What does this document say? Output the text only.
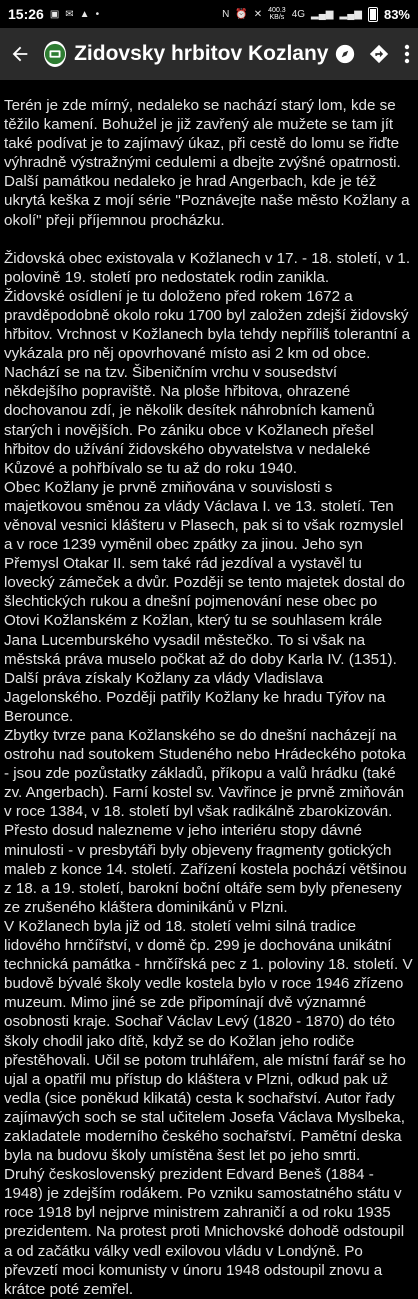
15:26 ▣ ✉ ▲ •	N ⏰ ✕ 400.3
KB/s 4G ▂▄▆ ▂▄▆ 83%
Zidovsky hrbitov Kozlany

Terén je zde mírný, nedaleko se nachází starý lom, kde se těžilo kamení. Bohužel je již zavřený ale mužete se tam jít také podívat je to zajímavý úkaz, při cestě do lomu se řiďte výhradně výstražnými cedulemi a dbejte zvýšné opatrnosti. Další památkou nedaleko je hrad Angerbach, kde je též ukrytá keška z mojí série "Poznávejte naše město Kožlany a okolí" přeji příjemnou procházku.

Židovská obec existovala v Kožlanech v 17. - 18. století, v 1. polovině 19. století pro nedostatek rodin zanikla.
Židovské osídlení je tu doloženo před rokem 1672 a pravděpodobně okolo roku 1700 byl založen zdejší židovský hřbitov. Vrchnost v Kožlanech byla tehdy nepříliš tolerantní a vykázala pro něj opovrhované místo asi 2 km od obce. Nachází se na tzv. Šibeničním vrchu v sousedství někdejšího popraviště. Na ploše hřbitova, ohrazené dochovanou zdí, je několik desítek náhrobních kamenů starých i novějších. Po zániku obce v Kožlanech přešel hřbitov do užívání židovského obyvatelstva v nedaleké Kůzové a pohřbívalo se tu až do roku 1940.
Obec Kožlany je prvně zmiňována v souvislosti s majetkovou směnou za vlády Václava I. ve 13. století. Ten věnoval vesnici klášteru v Plasech, pak si to však rozmyslel a v roce 1239 vyměnil obec zpátky za jinou. Jeho syn Přemysl Otakar II. sem také rád jezdíval a vystavěl tu lovecký zámeček a dvůr. Později se tento majetek dostal do šlechtických rukou a dnešní pojmenování nese obec po Otovi Kožlanském z Kožlan, který tu se souhlasem krále Jana Lucemburského vysadil městečko. To si však na městská práva muselo počkat až do doby Karla IV. (1351). Další práva získaly Kožlany za vlády Vladislava Jagelonského. Později patřily Kožlany ke hradu Týřov na Berounce.
Zbytky tvrze pana Kožlanského se do dnešní nacházejí na ostrohu nad soutokem Studeného nebo Hrádeckého potoka - jsou zde pozůstatky základů, příkopu a valů hrádku (také zv. Angerbach). Farní kostel sv. Vavřince je prvně zmiňován v roce 1384, v 18. století byl však radikálně zbarokizován. Přesto dosud nalezneme v jeho interiéru stopy dávné minulosti - v presbytáři byly objeveny fragmenty gotických maleb z konce 14. století. Zařízení kostela pochází většinou z 18. a 19. století, barokní boční oltáře sem byly přeneseny ze zrušeného kláštera dominikánů v Plzni.
V Kožlanech byla již od 18. století velmi silná tradice lidového hrnčířství, v domě čp. 299 je dochována unikátní technická památka - hrnčířská pec z 1. poloviny 18. století. V budově bývalé školy vedle kostela bylo v roce 1946 zřízeno muzeum. Mimo jiné se zde připomínají dvě významné osobnosti kraje. Sochař Václav Levý (1820 - 1870) do této školy chodil jako dítě, když se do Kožlan jeho rodiče přestěhovali. Učil se potom truhlářem, ale místní farář se ho ujal a opatřil mu přístup do kláštera v Plzni, odkud pak už vedla (sice poněkud klikatá) cesta k sochařství. Autor řady zajímavých soch se stal učitelem Josefa Václava Myslbeka, zakladatele moderního českého sochařství. Pamětní deska byla na budovu školy umístěna šest let po jeho smrti.
Druhý československý prezident Edvard Beneš (1884 - 1948) je zdejším rodákem. Po vzniku samostatného státu v roce 1918 byl nejprve ministrem zahraničí a od roku 1935 prezidentem. Na protest proti Mnichovské dohodě odstoupil a od začátku války vedl exilovou vládu v Londýně. Po převzetí moci komunisty v únoru 1948 odstoupil znovu a krátce poté zemřel.
